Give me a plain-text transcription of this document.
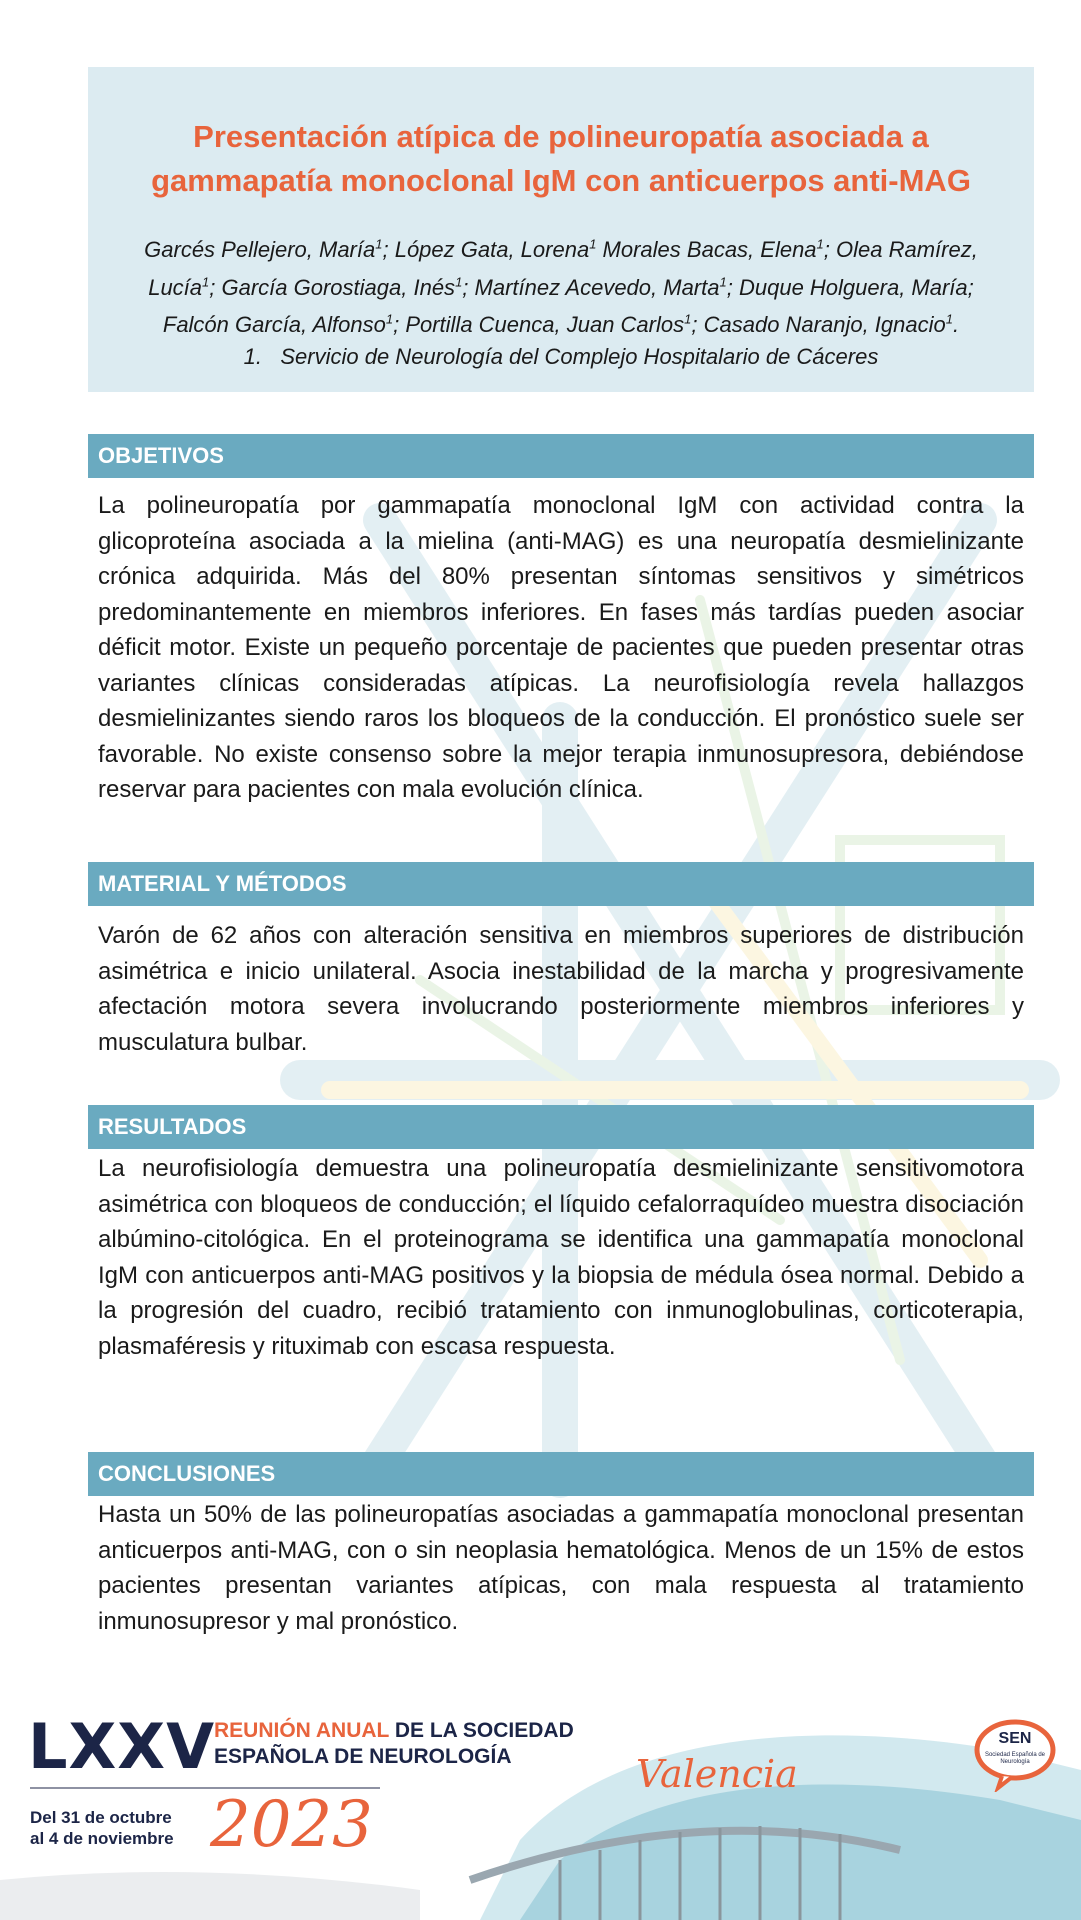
Presentación atípica de polineuropatía asociada a gammapatía monoclonal IgM con anticuerpos anti-MAG
Garcés Pellejero, María$^1$; López Gata, Lorena$^1$ Morales Bacas, Elena$^1$; Olea Ramírez, Lucía$^1$; García Gorostiaga, Inés$^1$; Martínez Acevedo, Marta$^1$; Duque Holguera, María; Falcón García, Alfonso$^1$; Portilla Cuenca, Juan Carlos$^1$; Casado Naranjo, Ignacio$^1$.
1. Servicio de Neurología del Complejo Hospitalario de Cáceres
OBJETIVOS

La polineuropatía por gammapatía monoclonal IgM con actividad contra la glicoproteína asociada a la mielina (anti-MAG) es una neuropatía desmielinizante crónica adquirida. Más del 80% presentan síntomas sensitivos y simétricos predominantemente en miembros inferiores. En fases más tardías pueden asociar déficit motor. Existe un pequeño porcentaje de pacientes que pueden presentar otras variantes clínicas consideradas atípicas. La neurofisiología revela hallazgos desmielinizantes siendo raros los bloqueos de la conducción. El pronóstico suele ser favorable. No existe consenso sobre la mejor terapia inmunosupresora, debiéndose reservar para pacientes con mala evolución clínica.

MATERIAL Y MÉTODOS

Varón de 62 años con alteración sensitiva en miembros superiores de distribución asimétrica e inicio unilateral. Asocia inestabilidad de la marcha y progresivamente afectación motora severa involucrando posteriormente miembros inferiores y musculatura bulbar.

RESULTADOS

La neurofisiología demuestra una polineuropatía desmielinizante sensitivomotora asimétrica con bloqueos de conducción; el líquido cefalorraquídeo muestra disociación albúmino-citológica. En el proteinograma se identifica una gammapatía monoclonal IgM con anticuerpos anti-MAG positivos y la biopsia de médula ósea normal. Debido a la progresión del cuadro, recibió tratamiento con inmunoglobulinas, corticoterapia, plasmaféresis y rituximab con escasa respuesta.

CONCLUSIONES

Hasta un 50% de las polineuropatías asociadas a gammapatía monoclonal presentan anticuerpos anti-MAG, con o sin neoplasia hematológica. Menos de un 15% de estos pacientes presentan variantes atípicas, con mala respuesta al tratamiento inmunosupresor y mal pronóstico.

LXXV
REUNIÓN ANUAL DE LA SOCIEDAD
ESPAÑOLA DE NEUROLOGÍA
Del 31 de octubre
al 4 de noviembre 2023
Valencia
SEN
Sociedad Española de Neurología
